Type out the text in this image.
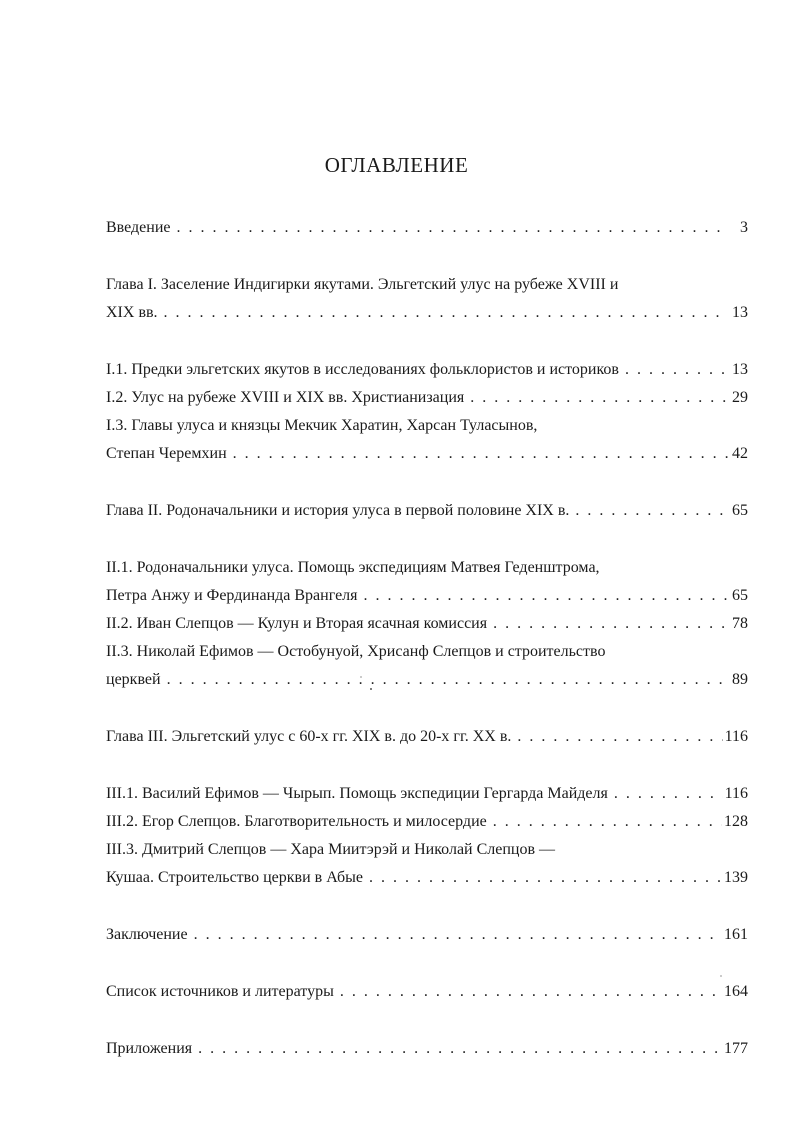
ОГЛАВЛЕНИЕ
Введение . . .	3
Глава I. Заселение Индигирки якутами. Эльгетский улус на рубеже XVIII и
XIX вв. . . .	13
I.1. Предки эльгетских якутов в исследованиях фольклористов и историков . . .	13
I.2. Улус на рубеже XVIII и XIX вв. Христианизация . . .	29
I.3. Главы улуса и князцы Мекчик Харатин, Харсан Туласынов,
Степан Черемхин . . .	42
Глава II. Родоначальники и история улуса в первой половине XIX в. . . .	65
II.1. Родоначальники улуса. Помощь экспедициям Матвея Геденштрома,
Петра Анжу и Фердинанда Врангеля . . .	65
II.2. Иван Слепцов — Кулун и Вторая ясачная комиссия . . .	78
II.3. Николай Ефимов — Остобунуой, Хрисанф Слепцов и строительство
церквей . . .	89
Глава III. Эльгетский улус с 60-х гг. XIX в. до 20-х гг. XX в. . . .	116
III.1. Василий Ефимов — Чырып. Помощь экспедиции Гергарда Майделя . . .	116
III.2. Егор Слепцов. Благотворительность и милосердие . . .	128
III.3. Дмитрий Слепцов — Хара Миитэрэй и Николай Слепцов —
Кушаа. Строительство церкви в Абые . . .	139
Заключение . . .	161
Список источников и литературы . . .	164
Приложения . . .	177
